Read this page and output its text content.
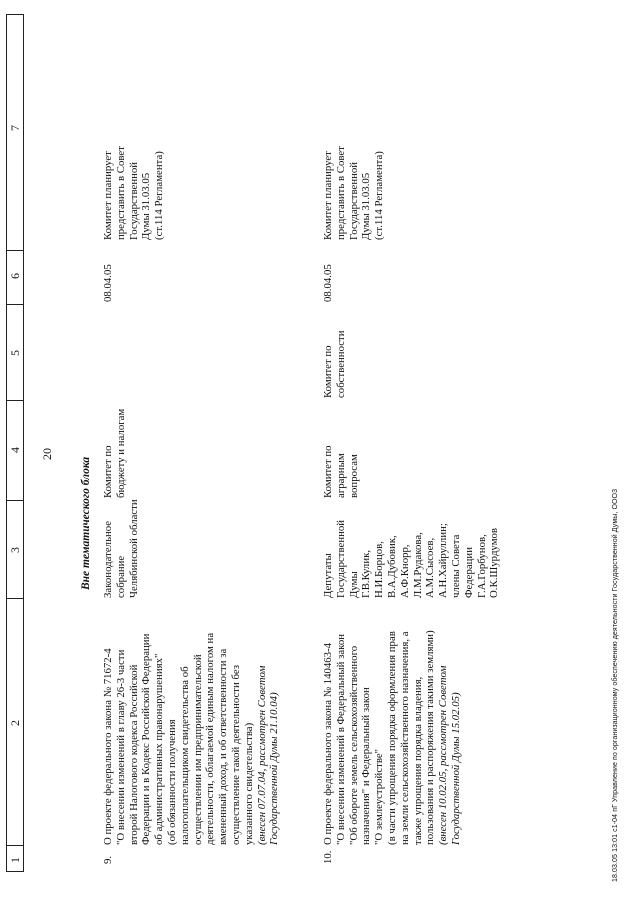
20
1
2
3
4
5
6
7
Вне тематического блока
9.
О проекте федерального закона № 71672-4 "О внесении изменений в главу 26-3 части второй Налогового кодекса Российской Федерации и в Кодекс Российской Федерации об административных правонарушениях" (об обязанности получения налогоплательщиком свидетельства об осуществлении им предпринимательской деятельности, облагаемой единым налогом на вмененный доход, и об ответственности за осуществление такой деятельности без указанного свидетельства) (внесен 07.07.04, рассмотрен Советом Государственной Думы 21.10.04)
Законодательное собрание Челябинской области
Комитет по бюджету и налогам
08.04.05
Комитет планирует представить в Совет Государственной Думы 31.03.05 (ст.114 Регламента)
10.
О проекте федерального закона № 140463-4 "О внесении изменений в Федеральный закон "Об обороте земель сельскохозяйственного назначения" и Федеральный закон "О землеустройстве" (в части упрощения порядка оформления прав на земли сельскохозяйственного назначения, а также упрощения порядка владения, пользования и распоряжения такими землями) (внесен 10.02.05, рассмотрен Советом Государственной Думы 15.02.05)
Депутаты Государственной Думы Г.В.Кулик, Н.И.Борцов, В.А.Дубовик, А.Ф.Кнорр, Л.М.Рудакова, А.М.Сысоев, А.Н.Хайруллин; члены Совета Федерации Г.А.Горбунов, О.К.Шурдумов
Комитет по аграрным вопросам
Комитет по собственности
08.04.05
Комитет планирует представить в Совет Государственной Думы 31.03.05 (ст.114 Регламента)
18.03.05 13:01 с1-04 пГ Управление по организационному обеспечению деятельности Государственной Думы, ООО3
